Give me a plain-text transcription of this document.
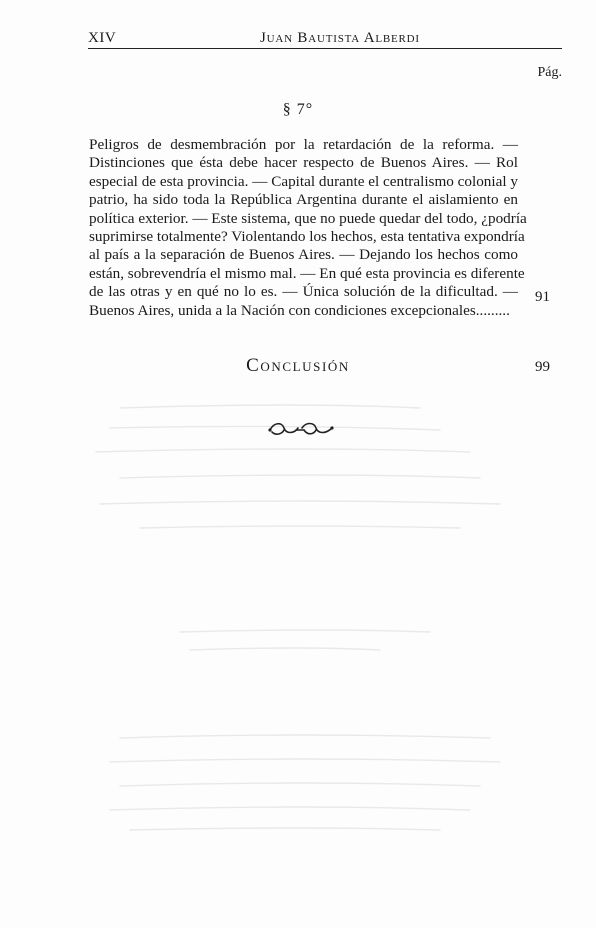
XIV	Juan Bautista Alberdi
Pág.
§ 7°
Peligros de desmembración por la retardación de la reforma. —
Distinciones que ésta debe hacer respecto de Buenos Aires. — Rol
especial de esta provincia. — Capital durante el centralismo colonial y
patrio, ha sido toda la República Argentina durante el aislamiento en
política exterior. — Este sistema, que no puede quedar del todo, ¿podría
suprimirse totalmente? Violentando los hechos, esta tentativa expondría
al país a la separación de Buenos Aires. — Dejando los hechos como
están, sobrevendría el mismo mal. — En qué esta provincia es diferente
de las otras y en qué no lo es. — Única solución de la dificultad. —
Buenos Aires, unida a la Nación con condiciones excepcionales.........
91
Conclusión	99
